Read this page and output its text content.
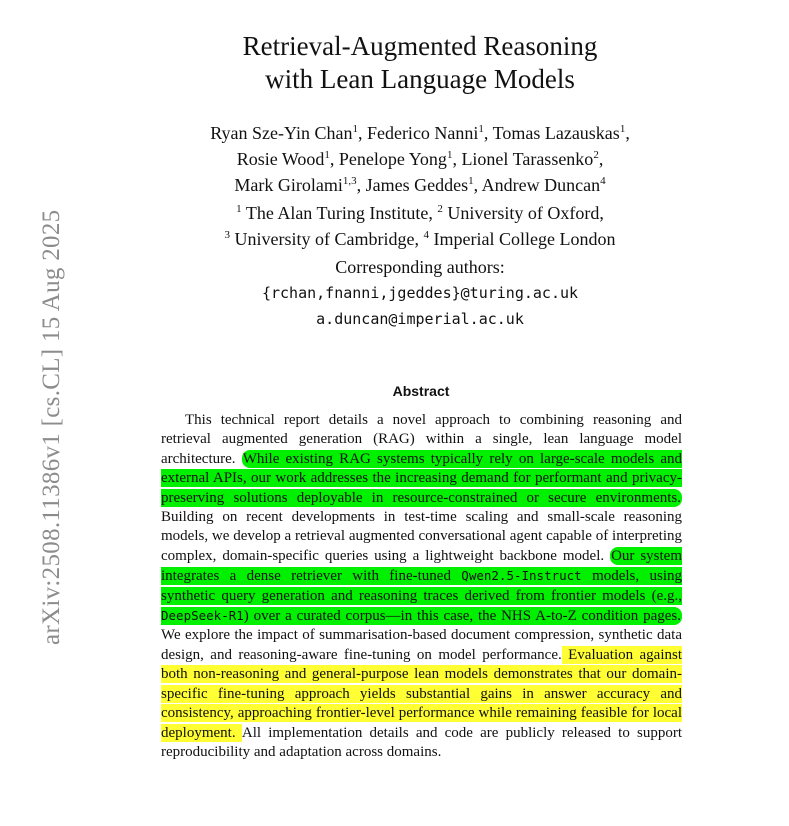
arXiv:2508.11386v1 [cs.CL] 15 Aug 2025
Retrieval-Augmented Reasoning
with Lean Language Models
Ryan Sze-Yin Chan$^1$, Federico Nanni$^1$, Tomas Lazauskas$^1$,
Rosie Wood$^1$, Penelope Yong$^1$, Lionel Tarassenko$^2$,
Mark Girolami$^{1,3}$, James Geddes$^1$, Andrew Duncan$^4$
$^1$ The Alan Turing Institute, $^2$ University of Oxford,
$^3$ University of Cambridge, $^4$ Imperial College London
Corresponding authors:
{rchan,fnanni,jgeddes}@turing.ac.uk
a.duncan@imperial.ac.uk
Abstract
This technical report details a novel approach to combining reasoning and retrieval augmented generation (RAG) within a single, lean language model architecture. While existing RAG systems typically rely on large-scale models and external APIs, our work addresses the increasing demand for performant and privacy-preserving solutions deployable in resource-constrained or secure environments. Building on recent developments in test-time scaling and small-scale reasoning models, we develop a retrieval augmented conversational agent capable of interpreting complex, domain-specific queries using a lightweight backbone model. Our system integrates a dense retriever with fine-tuned Qwen2.5-Instruct models, using synthetic query generation and reasoning traces derived from frontier models (e.g., DeepSeek-R1) over a curated corpus—in this case, the NHS A-to-Z condition pages. We explore the impact of summarisation-based document compression, synthetic data design, and reasoning-aware fine-tuning on model performance. Evaluation against both non-reasoning and general-purpose lean models demonstrates that our domain-specific fine-tuning approach yields substantial gains in answer accuracy and consistency, approaching frontier-level performance while remaining feasible for local deployment. All implementation details and code are publicly released to support reproducibility and adaptation across domains.
